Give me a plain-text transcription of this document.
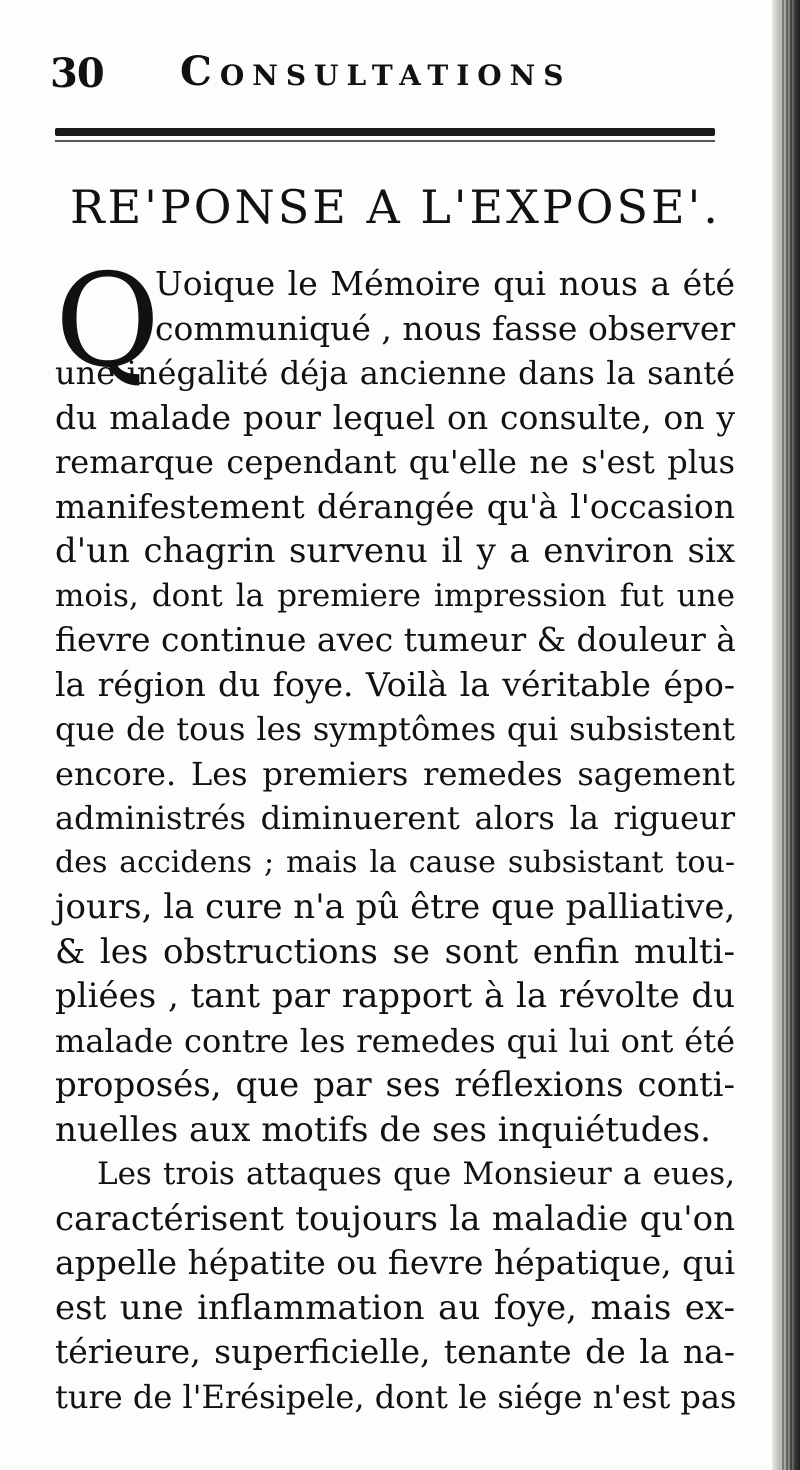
30 Consultations
RE'PONSE A L'EXPOSE'.
Q
Uoique le Mémoire qui nous a été
communiqué , nous fasse observer
une inégalité déja ancienne dans la santé
du malade pour lequel on consulte, on y
remarque cependant qu'elle ne s'est plus
manifestement dérangée qu'à l'occasion
d'un chagrin survenu il y a environ six
mois, dont la premiere impression fut une
fievre continue avec tumeur & douleur à
la région du foye. Voilà la véritable épo-
que de tous les symptômes qui subsistent
encore. Les premiers remedes sagement
administrés diminuerent alors la rigueur
des accidens ; mais la cause subsistant tou-
jours, la cure n'a pû être que palliative,
& les obstructions se sont enfin multi-
pliées , tant par rapport à la révolte du
malade contre les remedes qui lui ont été
proposés, que par ses réflexions conti-
nuelles aux motifs de ses inquiétudes.
Les trois attaques que Monsieur a eues,
caractérisent toujours la maladie qu'on
appelle hépatite ou fievre hépatique, qui
est une inflammation au foye, mais ex-
térieure, superficielle, tenante de la na-
ture de l'Erésipele, dont le siége n'est pas
